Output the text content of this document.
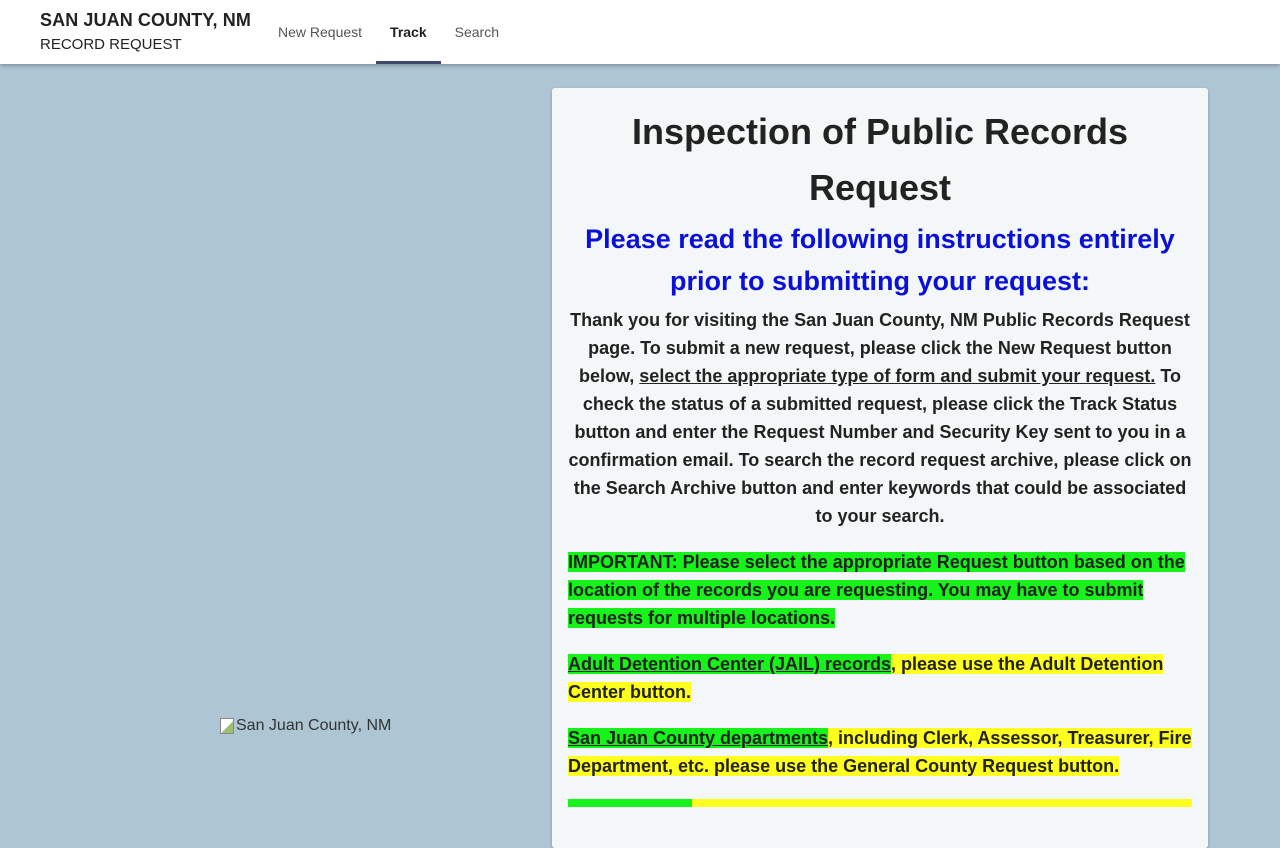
SAN JUAN COUNTY, NM
RECORD REQUEST
New Request	Track	Search
San Juan County, NM
Inspection of Public Records Request
Please read the following instructions entirely prior to submitting your request:

Thank you for visiting the San Juan County, NM Public Records Request page. To submit a new request, please click the New Request button below, select the appropriate type of form and submit your request. To check the status of a submitted request, please click the Track Status button and enter the Request Number and Security Key sent to you in a confirmation email. To search the record request archive, please click on the Search Archive button and enter keywords that could be associated to your search.

IMPORTANT: Please select the appropriate Request button based on the location of the records you are requesting. You may have to submit requests for multiple locations.

Adult Detention Center (JAIL) records, please use the Adult Detention Center button.

San Juan County departments, including Clerk, Assessor, Treasurer, Fire Department, etc. please use the General County Request button.
